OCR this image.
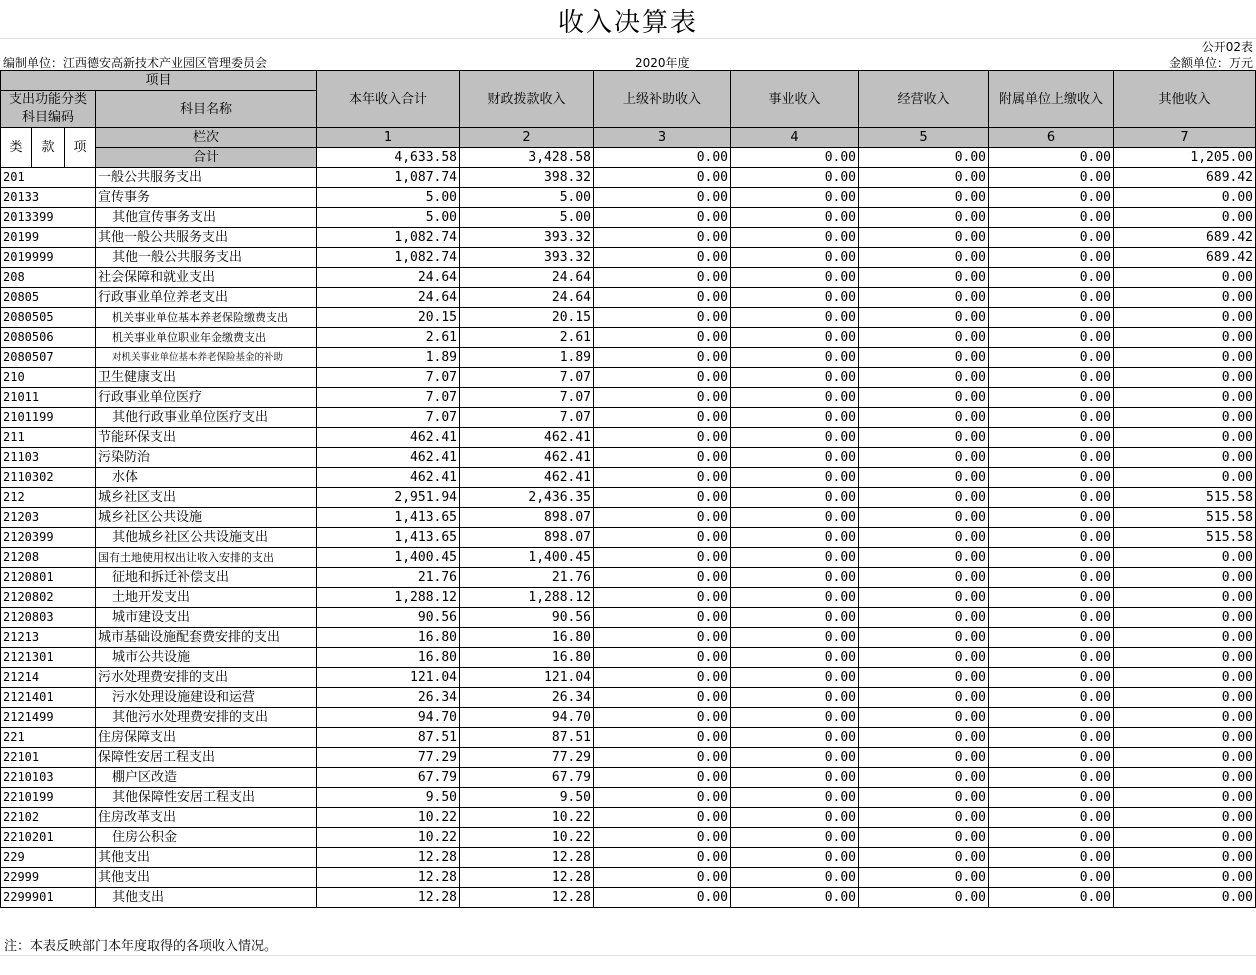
收入决算表
公开02表
编制单位：江西德安高新技术产业园区管理委员会	2020年度	金额单位：万元
项目				本年收入合计	财政拨款收入	上级补助收入	事业收入	经营收入	附属单位上缴收入	其他收入
支出功能分类科目编码			科目名称							

类	款	项	栏次	1	2	3	4	5	6	7
			合计	4,633.58	3,428.58	0.00	0.00	0.00	0.00	1,205.00
201			一般公共服务支出	1,087.74	398.32	0.00	0.00	0.00	0.00	689.42
20133			宣传事务	5.00	5.00	0.00	0.00	0.00	0.00	0.00
2013399			其他宣传事务支出	5.00	5.00	0.00	0.00	0.00	0.00	0.00
20199			其他一般公共服务支出	1,082.74	393.32	0.00	0.00	0.00	0.00	689.42
2019999			其他一般公共服务支出	1,082.74	393.32	0.00	0.00	0.00	0.00	689.42
208			社会保障和就业支出	24.64	24.64	0.00	0.00	0.00	0.00	0.00
20805			行政事业单位养老支出	24.64	24.64	0.00	0.00	0.00	0.00	0.00
2080505			机关事业单位基本养老保险缴费支出	20.15	20.15	0.00	0.00	0.00	0.00	0.00
2080506			机关事业单位职业年金缴费支出	2.61	2.61	0.00	0.00	0.00	0.00	0.00
2080507			对机关事业单位基本养老保险基金的补助	1.89	1.89	0.00	0.00	0.00	0.00	0.00
210			卫生健康支出	7.07	7.07	0.00	0.00	0.00	0.00	0.00
21011			行政事业单位医疗	7.07	7.07	0.00	0.00	0.00	0.00	0.00
2101199			其他行政事业单位医疗支出	7.07	7.07	0.00	0.00	0.00	0.00	0.00
211			节能环保支出	462.41	462.41	0.00	0.00	0.00	0.00	0.00
21103			污染防治	462.41	462.41	0.00	0.00	0.00	0.00	0.00
2110302			水体	462.41	462.41	0.00	0.00	0.00	0.00	0.00
212			城乡社区支出	2,951.94	2,436.35	0.00	0.00	0.00	0.00	515.58
21203			城乡社区公共设施	1,413.65	898.07	0.00	0.00	0.00	0.00	515.58
2120399			其他城乡社区公共设施支出	1,413.65	898.07	0.00	0.00	0.00	0.00	515.58
21208			国有土地使用权出让收入安排的支出	1,400.45	1,400.45	0.00	0.00	0.00	0.00	0.00
2120801			征地和拆迁补偿支出	21.76	21.76	0.00	0.00	0.00	0.00	0.00
2120802			土地开发支出	1,288.12	1,288.12	0.00	0.00	0.00	0.00	0.00
2120803			城市建设支出	90.56	90.56	0.00	0.00	0.00	0.00	0.00
21213			城市基础设施配套费安排的支出	16.80	16.80	0.00	0.00	0.00	0.00	0.00
2121301			城市公共设施	16.80	16.80	0.00	0.00	0.00	0.00	0.00
21214			污水处理费安排的支出	121.04	121.04	0.00	0.00	0.00	0.00	0.00
2121401			污水处理设施建设和运营	26.34	26.34	0.00	0.00	0.00	0.00	0.00
2121499			其他污水处理费安排的支出	94.70	94.70	0.00	0.00	0.00	0.00	0.00
221			住房保障支出	87.51	87.51	0.00	0.00	0.00	0.00	0.00
22101			保障性安居工程支出	77.29	77.29	0.00	0.00	0.00	0.00	0.00
2210103			棚户区改造	67.79	67.79	0.00	0.00	0.00	0.00	0.00
2210199			其他保障性安居工程支出	9.50	9.50	0.00	0.00	0.00	0.00	0.00
22102			住房改革支出	10.22	10.22	0.00	0.00	0.00	0.00	0.00
2210201			住房公积金	10.22	10.22	0.00	0.00	0.00	0.00	0.00
229			其他支出	12.28	12.28	0.00	0.00	0.00	0.00	0.00
22999			其他支出	12.28	12.28	0.00	0.00	0.00	0.00	0.00
2299901			其他支出	12.28	12.28	0.00	0.00	0.00	0.00	0.00
注：本表反映部门本年度取得的各项收入情况。
